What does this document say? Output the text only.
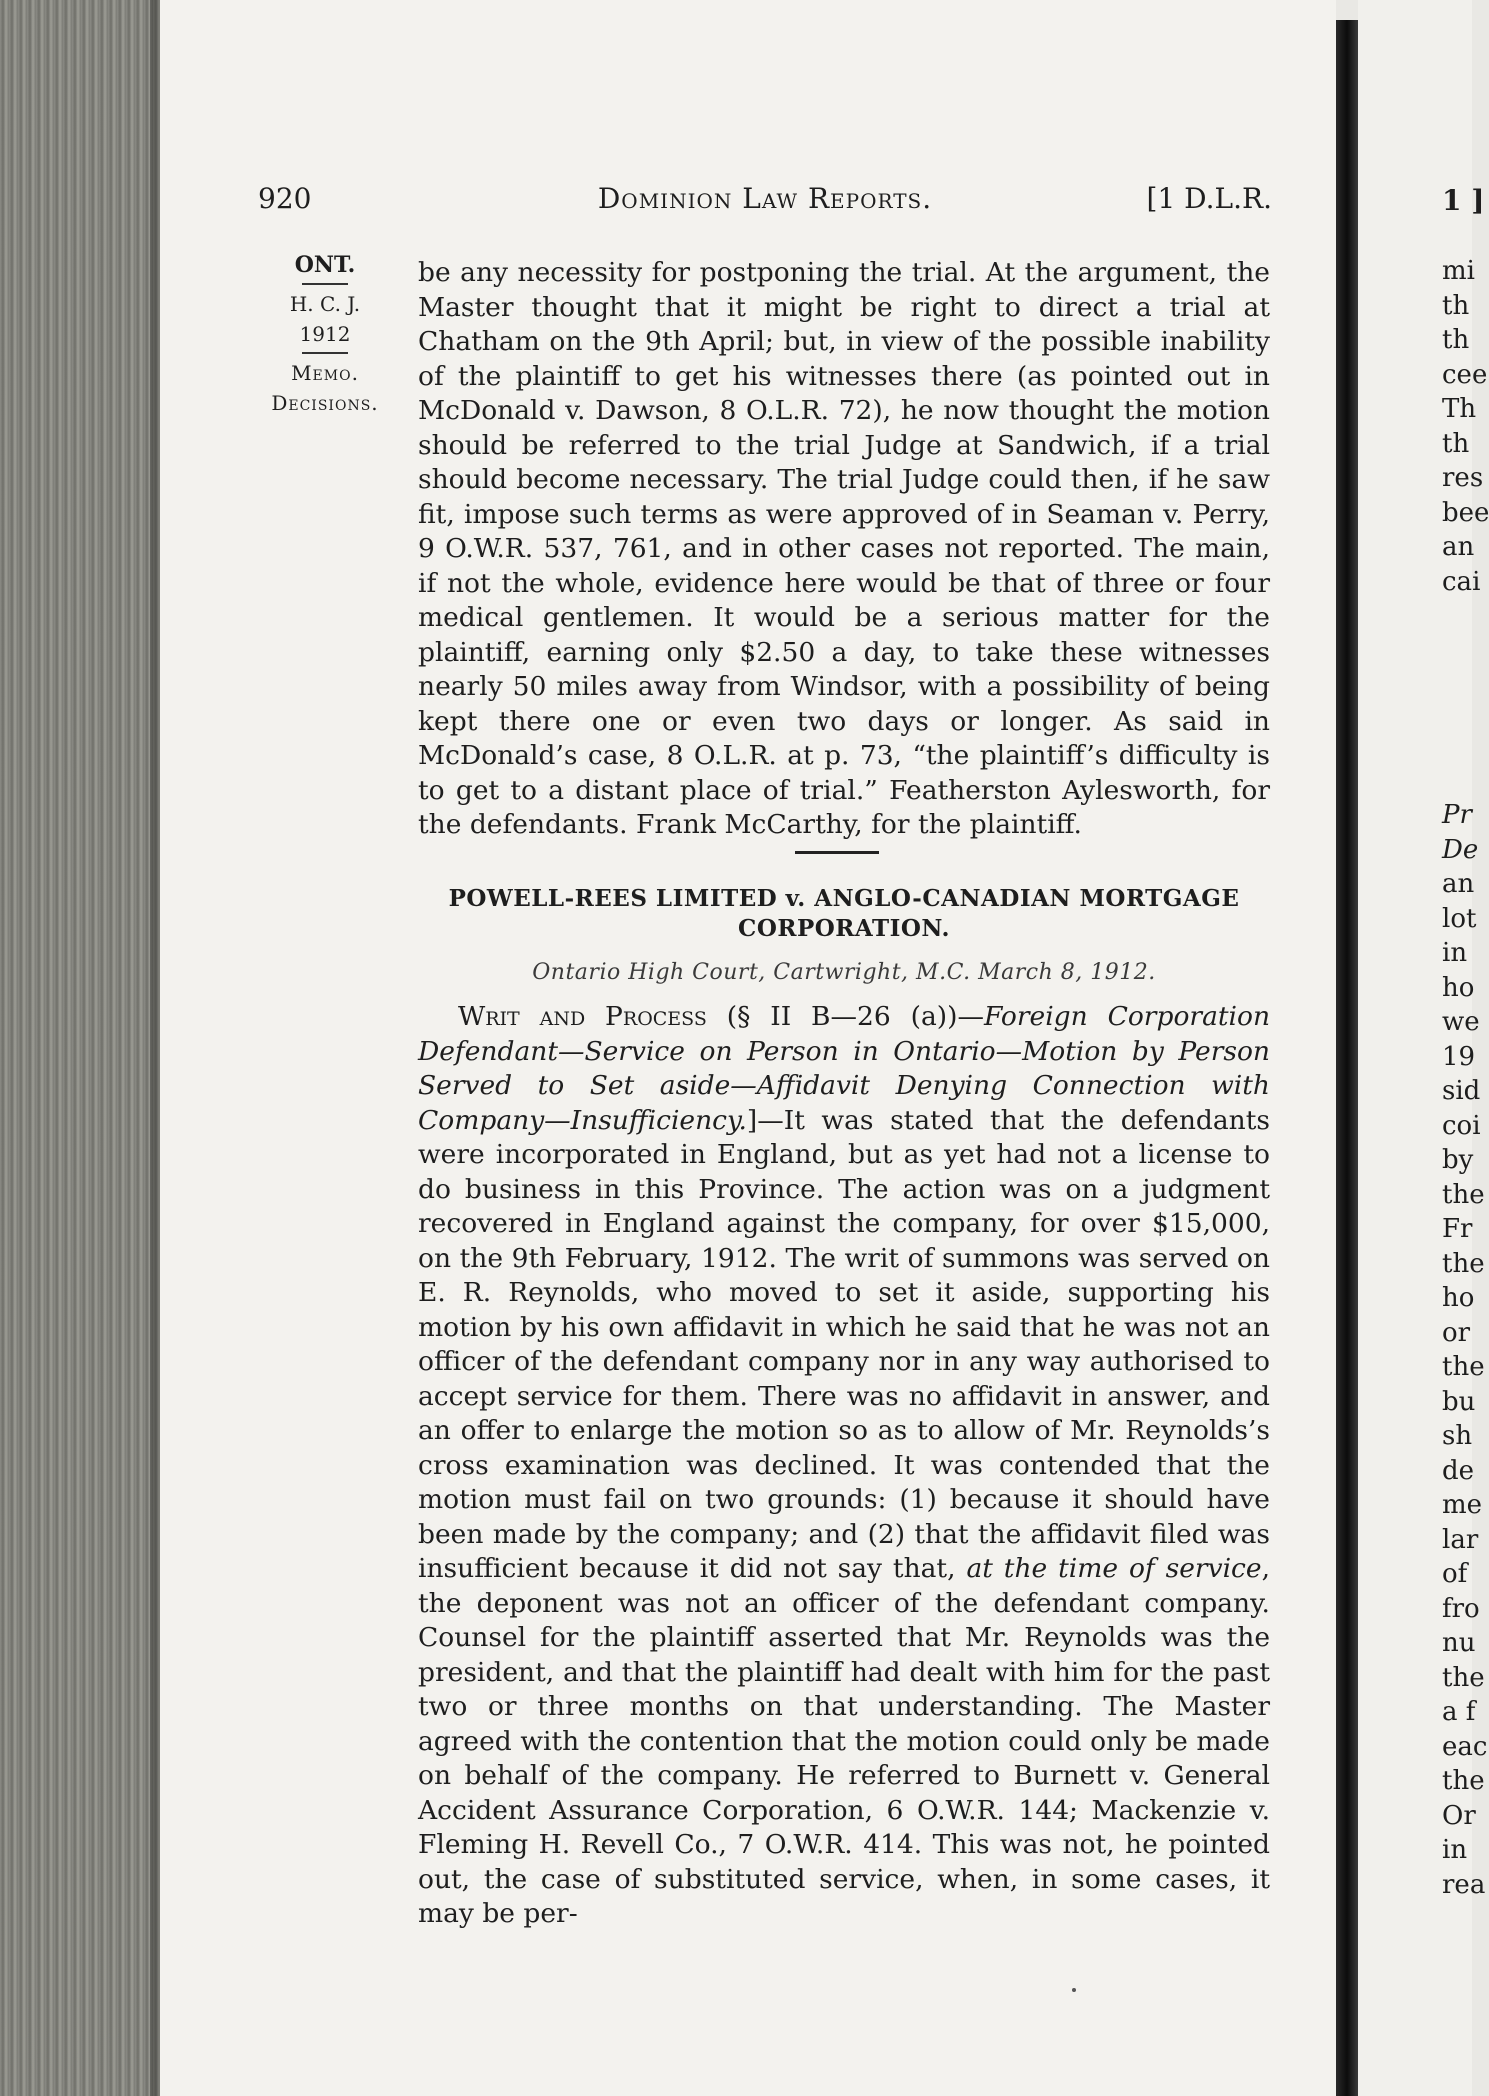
1 ]
mi
th
th
cee
Th
th
res
bee
an
cai
Pr
De
an
lot
in
ho
we
19
sid
coi
by
the
Fr
the
ho
or
the
bu
sh
de
me
lar
of
fro
nu
the
a f
eac
the
Or
in
rea
920	Dominion Law Reports.	[1 D.L.R.
ONT.
H. C. J.
1912
Memo.
Decisions.

be any necessity for postponing the trial. At the argument, the Master thought that it might be right to direct a trial at Chatham on the 9th April; but, in view of the possible inability of the plaintiff to get his witnesses there (as pointed out in McDonald v. Dawson, 8 O.L.R. 72), he now thought the motion should be referred to the trial Judge at Sandwich, if a trial should become necessary. The trial Judge could then, if he saw fit, impose such terms as were approved of in Seaman v. Perry, 9 O.W.R. 537, 761, and in other cases not reported. The main, if not the whole, evidence here would be that of three or four medical gentlemen. It would be a serious matter for the plaintiff, earning only $2.50 a day, to take these witnesses nearly 50 miles away from Windsor, with a possibility of being kept there one or even two days or longer. As said in McDonald’s case, 8 O.L.R. at p. 73, “the plaintiff’s difficulty is to get to a distant place of trial.” Featherston Aylesworth, for the defendants. Frank McCarthy, for the plaintiff.

POWELL-REES LIMITED v. ANGLO-CANADIAN MORTGAGE CORPORATION.
Ontario High Court, Cartwright, M.C. March 8, 1912.

Writ and Process (§ II B—26 (a))—Foreign Corporation Defendant—Service on Person in Ontario—Motion by Person Served to Set aside—Affidavit Denying Connection with Company—Insufficiency.]—It was stated that the defendants were incorporated in England, but as yet had not a license to do business in this Province. The action was on a judgment recovered in England against the company, for over $15,000, on the 9th February, 1912. The writ of summons was served on E. R. Reynolds, who moved to set it aside, supporting his motion by his own affidavit in which he said that he was not an officer of the defendant company nor in any way authorised to accept service for them. There was no affidavit in answer, and an offer to enlarge the motion so as to allow of Mr. Reynolds’s cross examination was declined. It was contended that the motion must fail on two grounds: (1) because it should have been made by the company; and (2) that the affidavit filed was insufficient because it did not say that, at the time of service, the deponent was not an officer of the defendant company. Counsel for the plaintiff asserted that Mr. Reynolds was the president, and that the plaintiff had dealt with him for the past two or three months on that understanding. The Master agreed with the contention that the motion could only be made on behalf of the company. He referred to Burnett v. General Accident Assurance Corporation, 6 O.W.R. 144; Mackenzie v. Fleming H. Revell Co., 7 O.W.R. 414. This was not, he pointed out, the case of substituted service, when, in some cases, it may be per-
